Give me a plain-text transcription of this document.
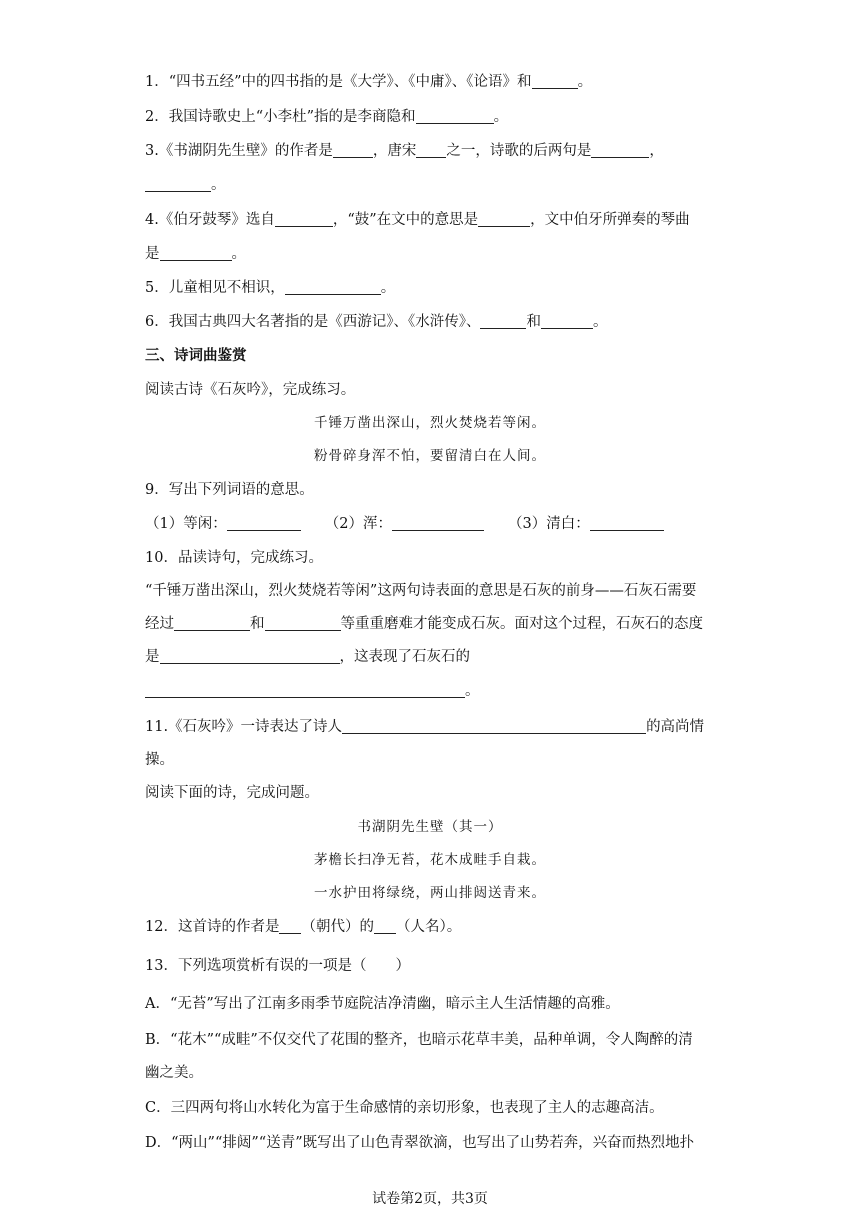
1．“四书五经”中的四书指的是《大学》、《中庸》、《论语》和	。
2．我国诗歌史上“小李杜”指的是李商隐和	。
3.《书湖阴先生壁》的作者是	，唐宋 之一，诗歌的后两句是	，
。
4.《伯牙鼓琴》选自	，“鼓”在文中的意思是	，文中伯牙所弹奏的琴曲
是	。
5．儿童相见不相识，	。
6．我国古典四大名著指的是《西游记》、《水浒传》、	和	。
三、诗词曲鉴赏
阅读古诗《石灰吟》，完成练习。
千锤万凿出深山，烈火焚烧若等闲。
粉骨碎身浑不怕，要留清白在人间。
9．写出下列词语的意思。
（1）等闲：	（2）浑：	（3）清白：
10．品读诗句，完成练习。
“千锤万凿出深山，烈火焚烧若等闲”这两句诗表面的意思是石灰的前身——石灰石需要
经过	和	等重重磨难才能变成石灰。面对这个过程，石灰石的态度
是	，这表现了石灰石的
。
11.《石灰吟》一诗表达了诗人	的高尚情
操。
阅读下面的诗，完成问题。
书湖阴先生壁（其一）
茅檐长扫净无苔，花木成畦手自栽。
一水护田将绿绕，两山排闼送青来。
12．这首诗的作者是 （朝代）的 （人名）。
13．下列选项赏析有误的一项是（　　）
A．“无苔”写出了江南多雨季节庭院洁净清幽，暗示主人生活情趣的高雅。
B．“花木”“成畦”不仅交代了花围的整齐，也暗示花草丰美，品种单调，令人陶醉的清
幽之美。
C．三四两句将山水转化为富于生命感情的亲切形象，也表现了主人的志趣高洁。
D．“两山”“排闼”“送青”既写出了山色青翠欲滴，也写出了山势若奔，兴奋而热烈地扑
试卷第2页，共3页
